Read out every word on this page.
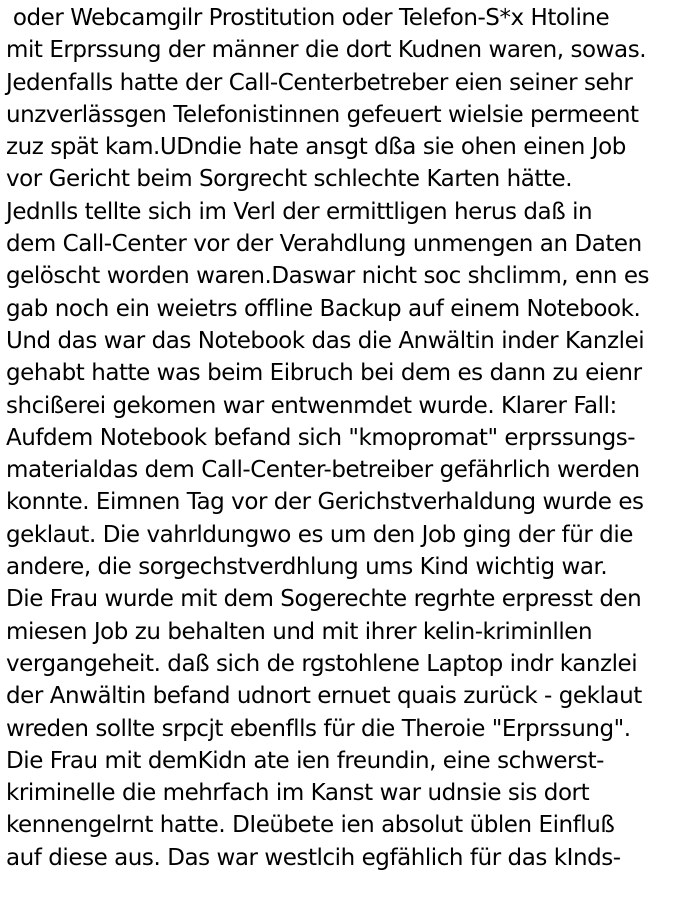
oder Webcamgilr Prostitution oder Telefon-S*x Htoline
mit Erprssung der männer die dort Kudnen waren, sowas.
Jedenfalls hatte der Call-Centerbetreber eien seiner sehr
unzverlässgen Telefonistinnen gefeuert wielsie permeent
zuz spät kam.UDndie hate ansgt dßa sie ohen einen Job
vor Gericht beim Sorgrecht schlechte Karten hätte.
Jednlls tellte sich im Verl der ermittligen herus daß in
dem Call-Center vor der Verahdlung unmengen an Daten
gelöscht worden waren.Daswar nicht soc shclimm, enn es
gab noch ein weietrs offline Backup auf einem Notebook.
Und das war das Notebook das die Anwältin inder Kanzlei
gehabt hatte was beim Eibruch bei dem es dann zu eienr
shcißerei gekomen war entwenmdet wurde. Klarer Fall:
Aufdem Notebook befand sich "kmopromat" erprssungs-
materialdas dem Call-Center-betreiber gefährlich werden
konnte. Eimnen Tag vor der Gerichstverhaldung wurde es
geklaut. Die vahrldungwo es um den Job ging der für die
andere, die sorgechstverdhlung ums Kind wichtig war.
Die Frau wurde mit dem Sogerechte regrhte erpresst den
miesen Job zu behalten und mit ihrer kelin-kriminllen
vergangeheit. daß sich de rgstohlene Laptop indr kanzlei
der Anwältin befand udnort ernuet quais zurück - geklaut
wreden sollte srpcjt ebenflls für die Theroie "Erprssung".
Die Frau mit demKidn ate ien freundin, eine schwerst-
kriminelle die mehrfach im Kanst war udnsie sis dort
kennengelrnt hatte. DIeübete ien absolut üblen Einfluß
auf diese aus. Das war westlcih egfählich für das kInds-
